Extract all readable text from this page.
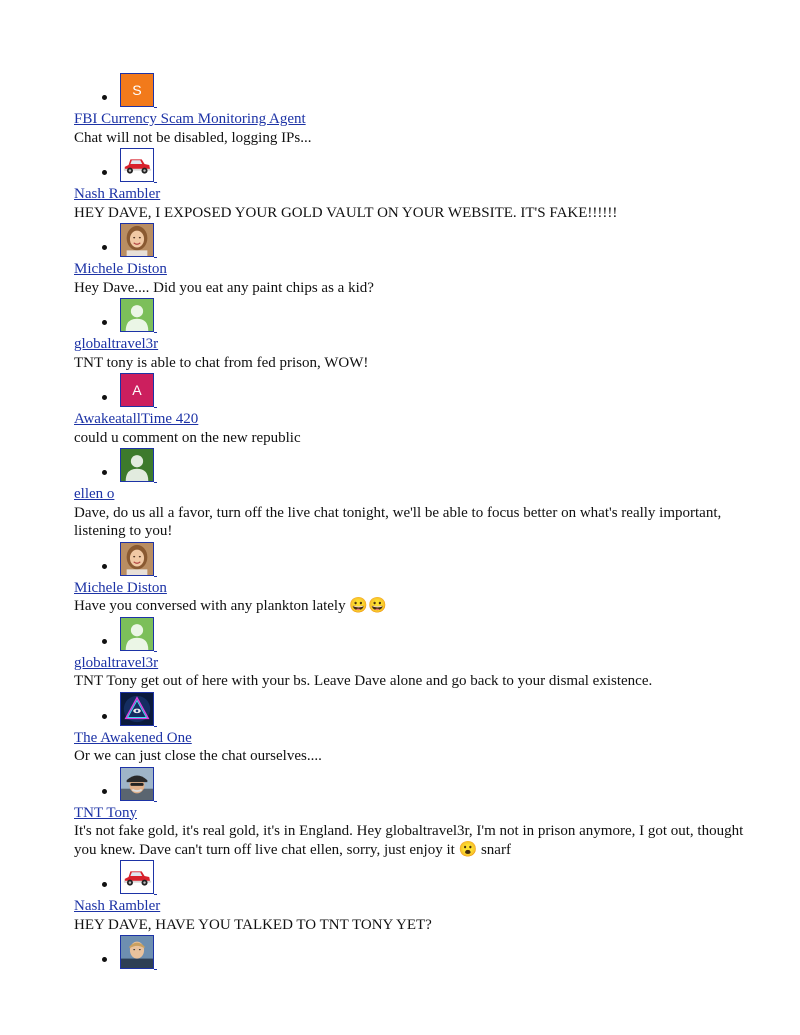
S
FBI Currency Scam Monitoring Agent
Chat will not be disabled, logging IPs...
Nash Rambler
HEY DAVE, I EXPOSED YOUR GOLD VAULT ON YOUR WEBSITE. IT'S FAKE!!!!!!
Michele Diston
Hey Dave.... Did you eat any paint chips as a kid?
globaltravel3r
TNT tony is able to chat from fed prison, WOW!
A
AwakeatallTime 420
could u comment on the new republic
ellen o
Dave, do us all a favor, turn off the live chat tonight, we'll be able to focus better on what's really important, listening to you!
Michele Diston
Have you conversed with any plankton lately 😀😀
globaltravel3r
TNT Tony get out of here with your bs. Leave Dave alone and go back to your dismal existence.
The Awakened One
Or we can just close the chat ourselves....
TNT Tony
It's not fake gold, it's real gold, it's in England. Hey globaltravel3r, I'm not in prison anymore, I got out, thought you knew. Dave can't turn off live chat ellen, sorry, just enjoy it 😮 snarf
Nash Rambler
HEY DAVE, HAVE YOU TALKED TO TNT TONY YET?
